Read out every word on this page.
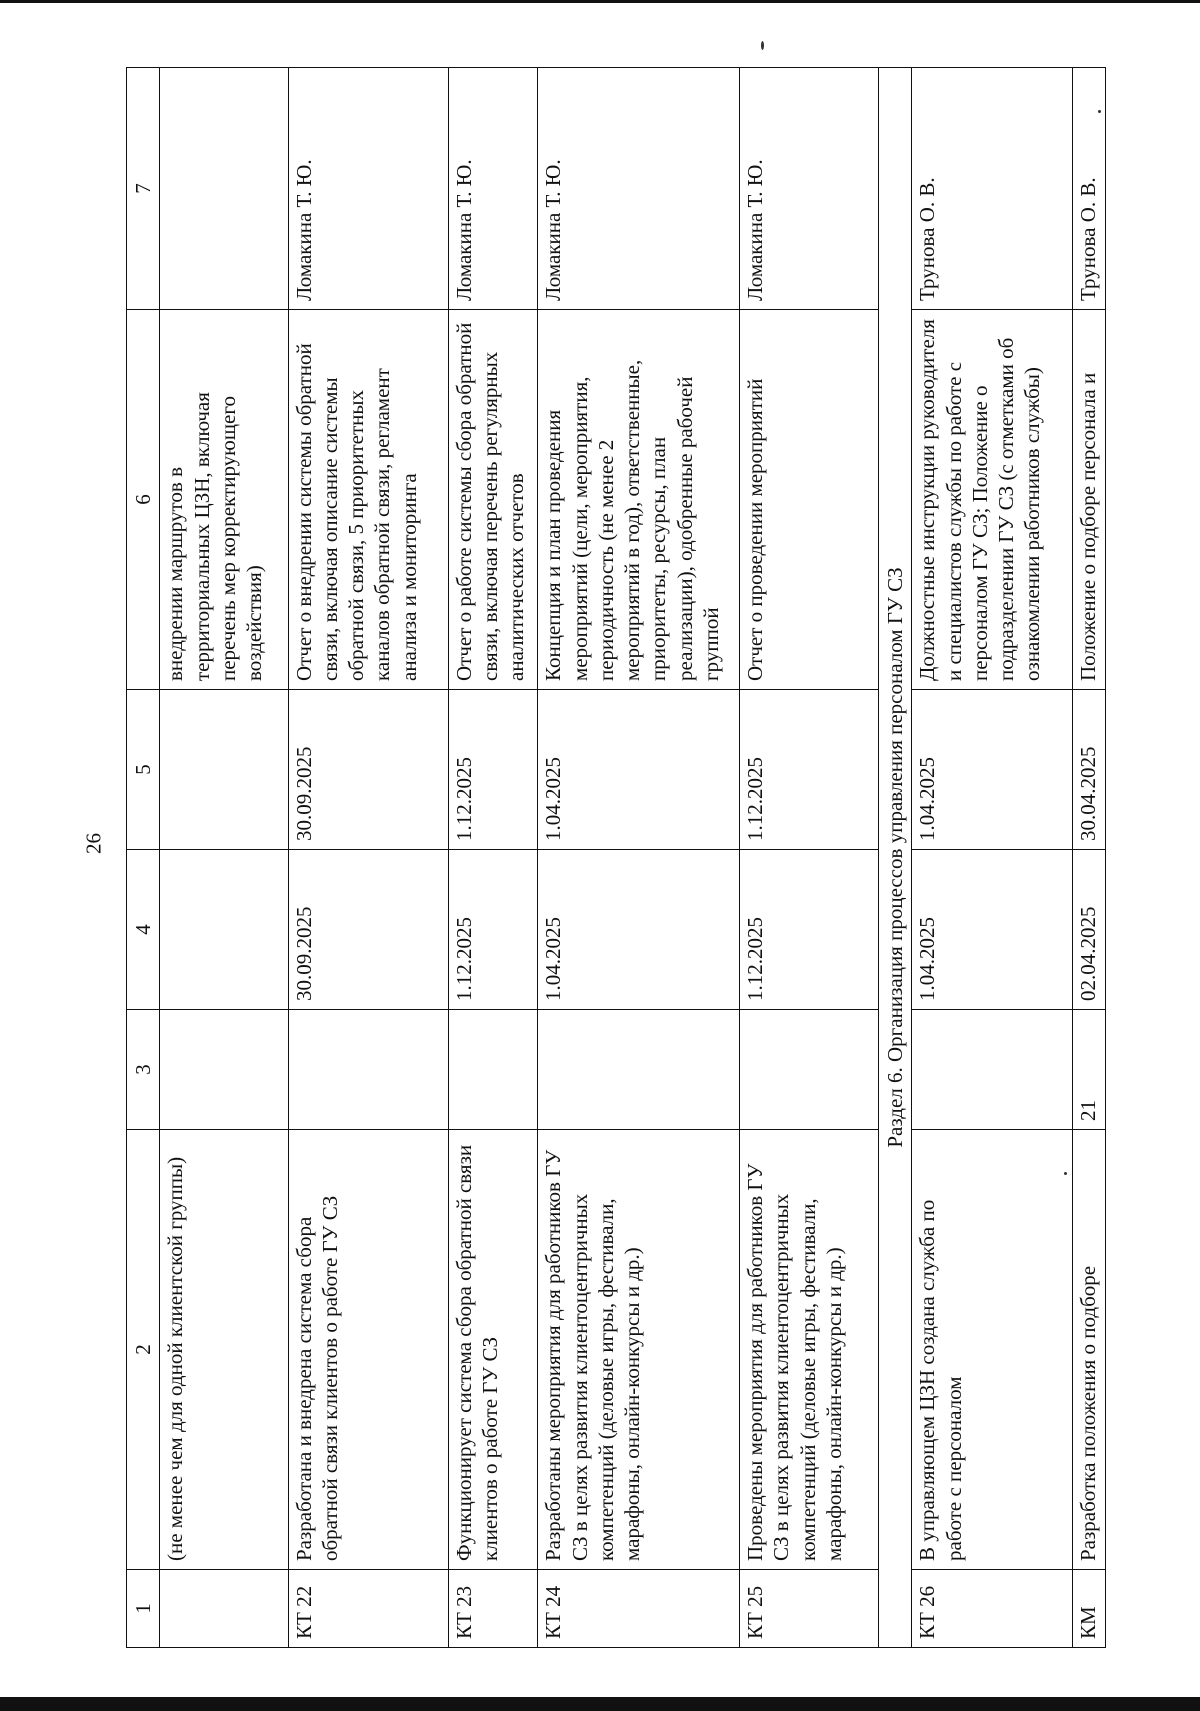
26
1	2	3	4	5	6	7
	(не менее чем для одной клиентской группы)				внедрении маршрутов в территориальных ЦЗН, включая перечень мер корректирующего воздействия)	
КТ 22	Разработана и внедрена система сбора обратной связи клиентов о работе ГУ СЗ		30.09.2025	30.09.2025	Отчет о внедрении системы обратной связи, включая описание системы обратной связи, 5 приоритетных каналов обратной связи, регламент анализа и мониторинга	Ломакина Т. Ю.
КТ 23	Функционирует система сбора обратной связи клиентов о работе ГУ СЗ		1.12.2025	1.12.2025	Отчет о работе системы сбора обратной связи, включая перечень регулярных аналитических отчетов	Ломакина Т. Ю.
КТ 24	Разработаны мероприятия для работников ГУ СЗ в целях развития клиентоцентричных компетенций (деловые игры, фестивали, марафоны, онлайн-конкурсы и др.)		1.04.2025	1.04.2025	Концепция и план проведения мероприятий (цели, мероприятия, периодичность (не менее 2 мероприятий в год), ответственные, приоритеты, ресурсы, план реализации), одобренные рабочей группой	Ломакина Т. Ю.
КТ 25	Проведены мероприятия для работников ГУ СЗ в целях развития клиентоцентричных компетенций (деловые игры, фестивали, марафоны, онлайн-конкурсы и др.)		1.12.2025	1.12.2025	Отчет о проведении мероприятий	Ломакина Т. Ю.
Раздел 6. Организация процессов управления персоналом ГУ СЗ						
КТ 26	В управляющем ЦЗН создана служба по работе с персоналом		1.04.2025	1.04.2025	Должностные инструкции руководителя и специалистов службы по работе с персоналом ГУ СЗ; Положение о подразделении ГУ СЗ (с отметками об ознакомлении работников службы)	Трунова О. В.
КМ	Разработка положения о подборе	21	02.04.2025	30.04.2025	Положение о подборе персонала и	Трунова О. В.
